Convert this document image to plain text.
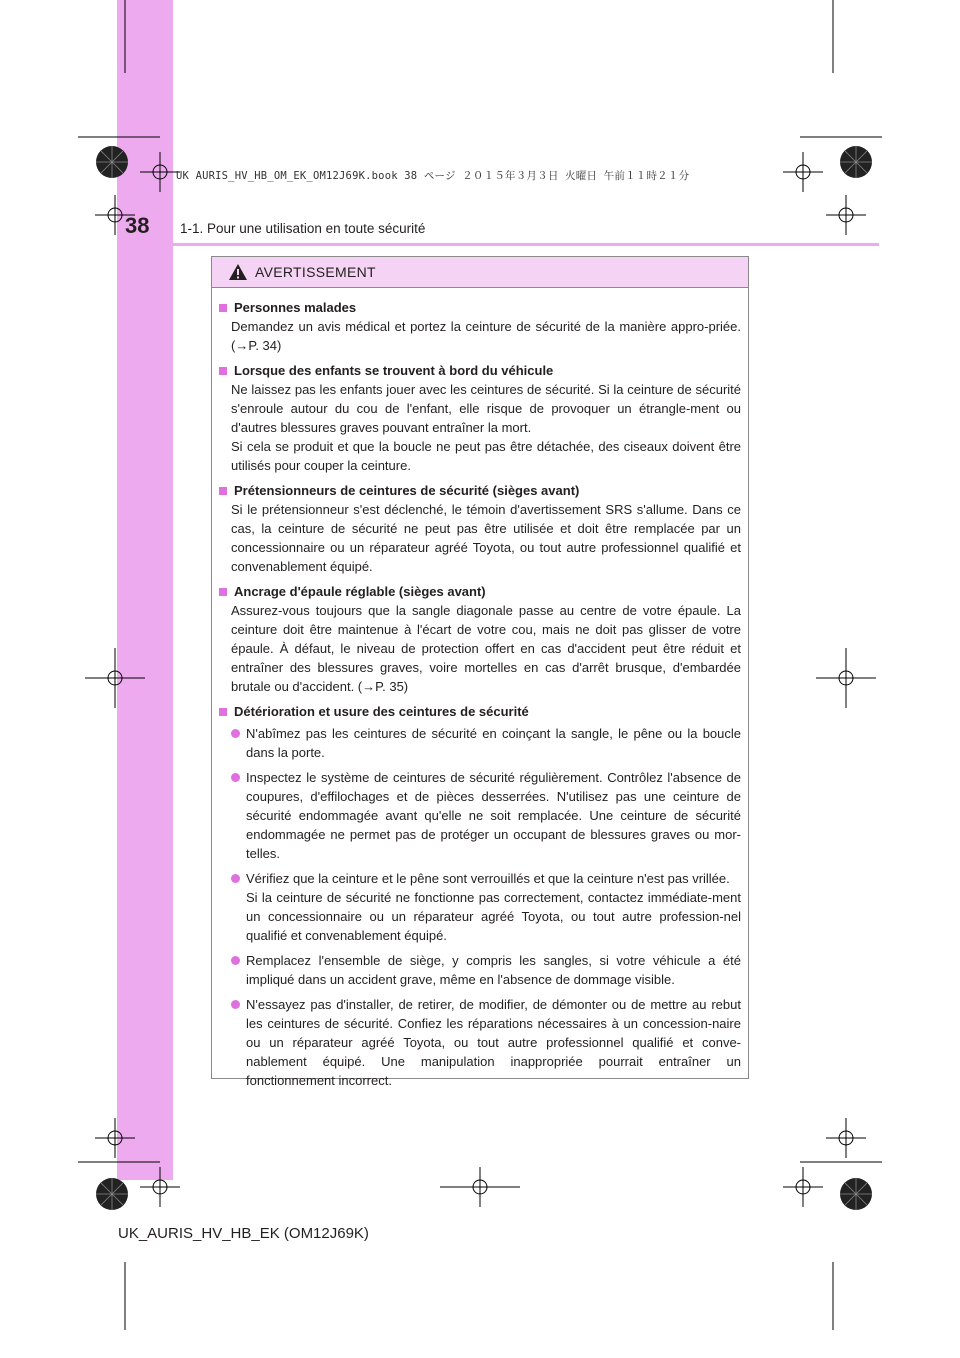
UK AURIS_HV_HB_OM_EK_OM12J69K.book 38 ページ ２０１５年３月３日 火曜日 午前１１時２１分
38 1-1. Pour une utilisation en toute sécurité
AVERTISSEMENT
Personnes malades
Demandez un avis médical et portez la ceinture de sécurité de la manière appro-priée. (→P. 34)
Lorsque des enfants se trouvent à bord du véhicule
Ne laissez pas les enfants jouer avec les ceintures de sécurité. Si la ceinture de sécurité s'enroule autour du cou de l'enfant, elle risque de provoquer un étrangle-ment ou d'autres blessures graves pouvant entraîner la mort.
Si cela se produit et que la boucle ne peut pas être détachée, des ciseaux doivent être utilisés pour couper la ceinture.
Prétensionneurs de ceintures de sécurité (sièges avant)
Si le prétensionneur s'est déclenché, le témoin d'avertissement SRS s'allume. Dans ce cas, la ceinture de sécurité ne peut pas être utilisée et doit être remplacée par un concessionnaire ou un réparateur agréé Toyota, ou tout autre professionnel qualifié et convenablement équipé.
Ancrage d'épaule réglable (sièges avant)
Assurez-vous toujours que la sangle diagonale passe au centre de votre épaule. La ceinture doit être maintenue à l'écart de votre cou, mais ne doit pas glisser de votre épaule. À défaut, le niveau de protection offert en cas d'accident peut être réduit et entraîner des blessures graves, voire mortelles en cas d'arrêt brusque, d'embardée brutale ou d'accident. (→P. 35)
Détérioration et usure des ceintures de sécurité
N'abîmez pas les ceintures de sécurité en coinçant la sangle, le pêne ou la boucle dans la porte.
Inspectez le système de ceintures de sécurité régulièrement. Contrôlez l'absence de coupures, d'effilochages et de pièces desserrées. N'utilisez pas une ceinture de sécurité endommagée avant qu'elle ne soit remplacée. Une ceinture de sécurité endommagée ne permet pas de protéger un occupant de blessures graves ou mor-telles.
Vérifiez que la ceinture et le pêne sont verrouillés et que la ceinture n'est pas vrillée.
Si la ceinture de sécurité ne fonctionne pas correctement, contactez immédiate-ment un concessionnaire ou un réparateur agréé Toyota, ou tout autre profession-nel qualifié et convenablement équipé.
Remplacez l'ensemble de siège, y compris les sangles, si votre véhicule a été impliqué dans un accident grave, même en l'absence de dommage visible.
N'essayez pas d'installer, de retirer, de modifier, de démonter ou de mettre au rebut les ceintures de sécurité. Confiez les réparations nécessaires à un concession-naire ou un réparateur agréé Toyota, ou tout autre professionnel qualifié et conve-nablement équipé. Une manipulation inappropriée pourrait entraîner un fonctionnement incorrect.
UK_AURIS_HV_HB_EK (OM12J69K)
